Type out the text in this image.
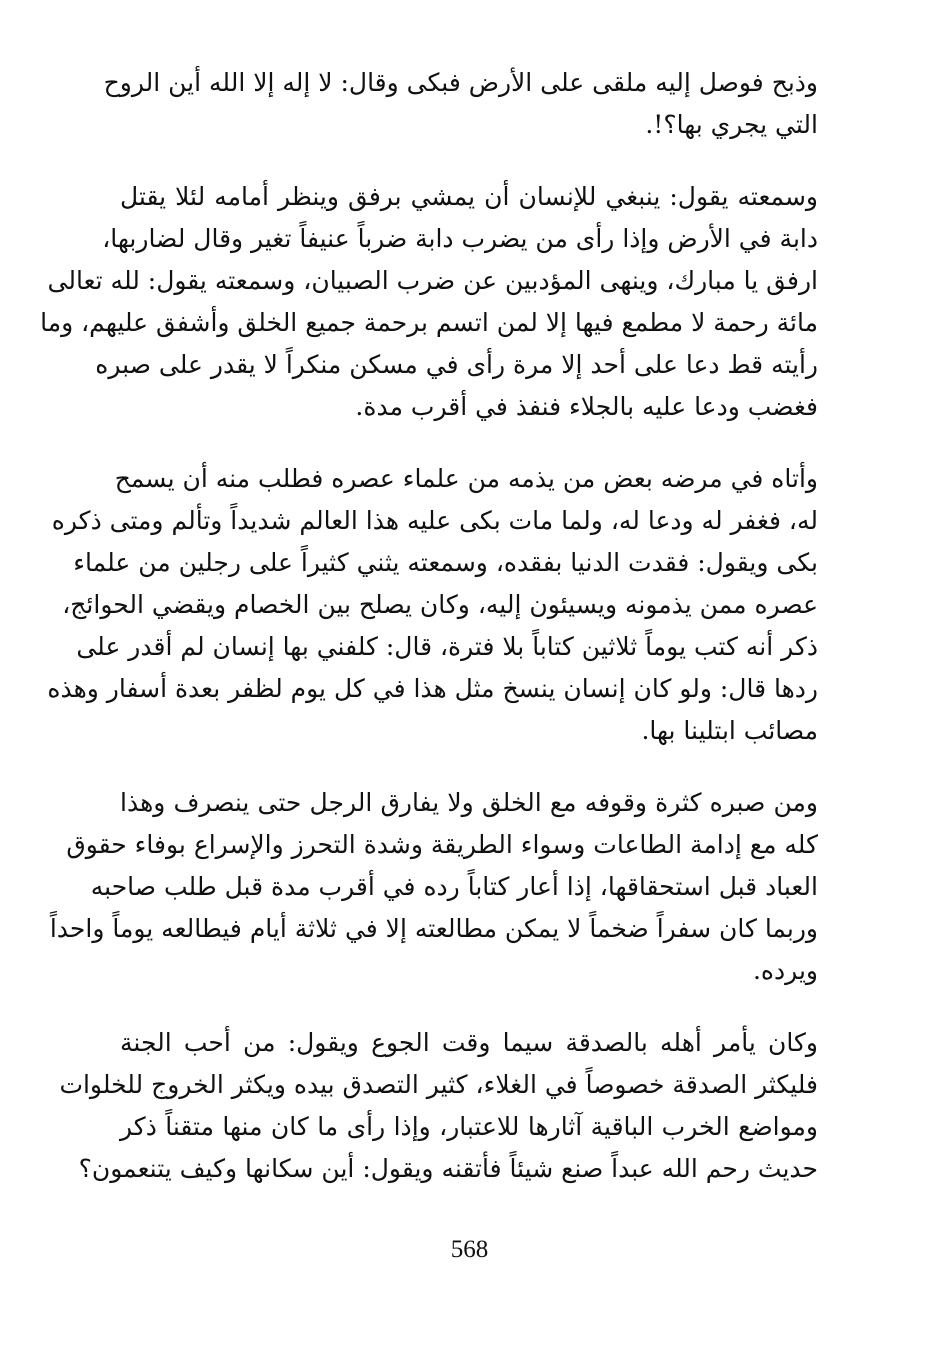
وذبح فوصل إليه ملقى على الأرض فبكى وقال: لا إله إلا الله أين الروح
التي يجري بها؟!.
وسمعته يقول: ينبغي للإنسان أن يمشي برفق وينظر أمامه لئلا يقتل
دابة في الأرض وإذا رأى من يضرب دابة ضرباً عنيفاً تغير وقال لضاربها،
ارفق يا مبارك، وينهى المؤدبين عن ضرب الصبيان، وسمعته يقول: لله تعالى
مائة رحمة لا مطمع فيها إلا لمن اتسم برحمة جميع الخلق وأشفق عليهم، وما
رأيته قط دعا على أحد إلا مرة رأى في مسكن منكراً لا يقدر على صبره
فغضب ودعا عليه بالجلاء فنفذ في أقرب مدة.
وأتاه في مرضه بعض من يذمه من علماء عصره فطلب منه أن يسمح
له، فغفر له ودعا له، ولما مات بكى عليه هذا العالم شديداً وتألم ومتى ذكره
بكى ويقول: فقدت الدنيا بفقده، وسمعته يثني كثيراً على رجلين من علماء
عصره ممن يذمونه ويسيئون إليه، وكان يصلح بين الخصام ويقضي الحوائج،
ذكر أنه كتب يوماً ثلاثين كتاباً بلا فترة، قال: كلفني بها إنسان لم أقدر على
ردها قال: ولو كان إنسان ينسخ مثل هذا في كل يوم لظفر بعدة أسفار وهذه
مصائب ابتلينا بها.
ومن صبره كثرة وقوفه مع الخلق ولا يفارق الرجل حتى ينصرف وهذا
كله مع إدامة الطاعات وسواء الطريقة وشدة التحرز والإسراع بوفاء حقوق
العباد قبل استحقاقها، إذا أعار كتاباً رده في أقرب مدة قبل طلب صاحبه
وربما كان سفراً ضخماً لا يمكن مطالعته إلا في ثلاثة أيام فيطالعه يوماً واحداً
ويرده.
وكان يأمر أهله بالصدقة سيما وقت الجوع ويقول: من أحب الجنة
فليكثر الصدقة خصوصاً في الغلاء، كثير التصدق بيده ويكثر الخروج للخلوات
ومواضع الخرب الباقية آثارها للاعتبار، وإذا رأى ما كان منها متقناً ذكر
حديث رحم الله عبداً صنع شيئاً فأتقنه ويقول: أين سكانها وكيف يتنعمون؟
568
